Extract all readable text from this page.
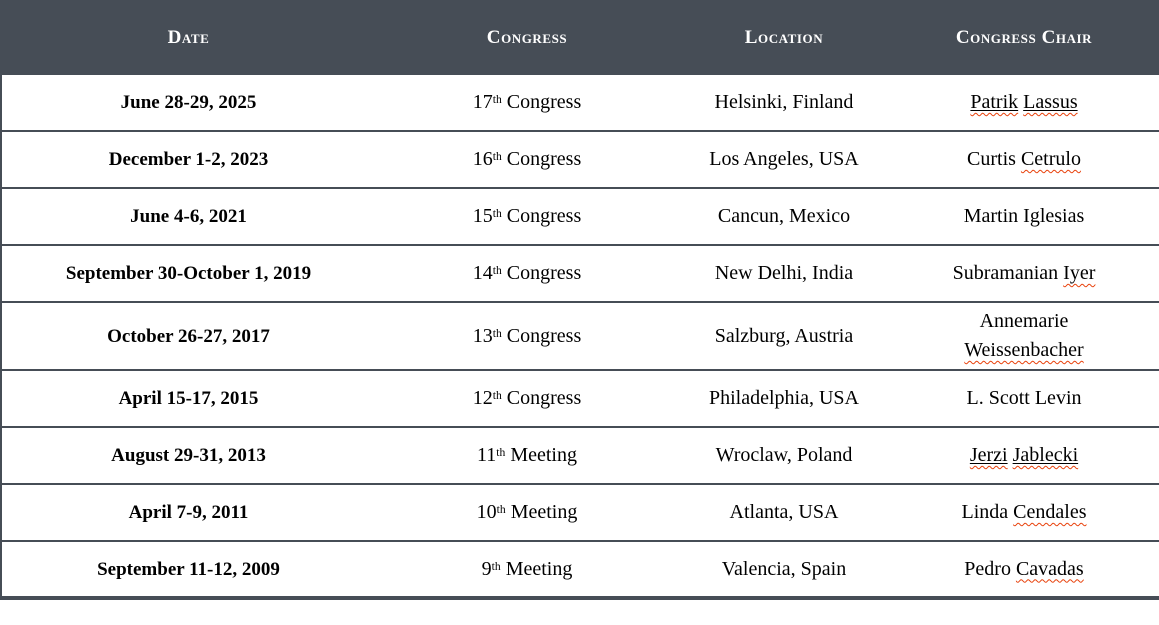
Date	Congress	Location	Congress Chair
June 28-29, 2025	17th Congress	Helsinki, Finland	Patrik Lassus
December 1-2, 2023	16th Congress	Los Angeles, USA	Curtis Cetrulo
June 4-6, 2021	15th Congress	Cancun, Mexico	Martin Iglesias
September 30-October 1, 2019	14th Congress	New Delhi, India	Subramanian Iyer
October 26-27, 2017	13th Congress	Salzburg, Austria	Annemarie Weissenbacher
April 15-17, 2015	12th Congress	Philadelphia, USA	L. Scott Levin
August 29-31, 2013	11th Meeting	Wroclaw, Poland	Jerzi Jablecki
April 7-9, 2011	10th Meeting	Atlanta, USA	Linda Cendales
September 11-12, 2009	9th Meeting	Valencia, Spain	Pedro Cavadas
